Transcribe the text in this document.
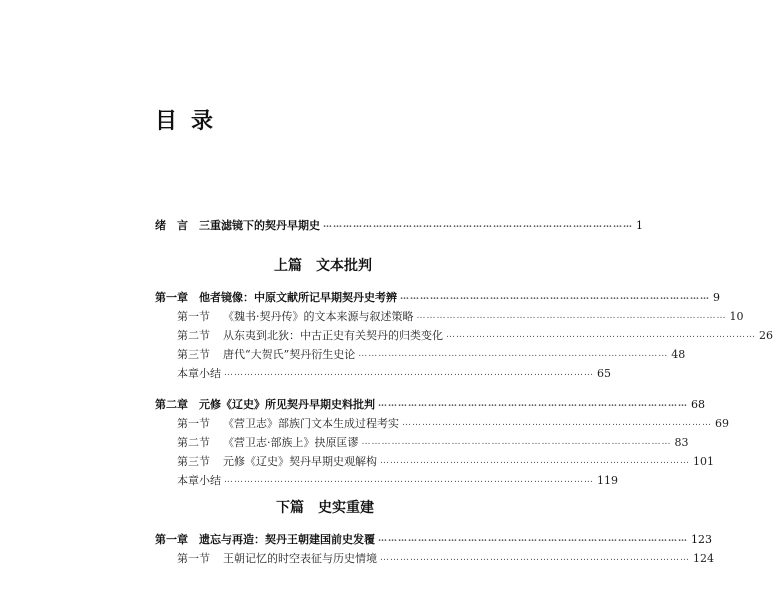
目录
绪　言	三重滤镜下的契丹早期史 ………………………………………………………………………………… 1
上篇 文本批判
第一章	他者镜像：中原文献所记早期契丹史考辨 ………………………………………………………………………………… 9
第一节	《魏书·契丹传》的文本来源与叙述策略 ………………………………………………………………………………… 10
第二节	从东夷到北狄：中古正史有关契丹的归类变化 ………………………………………………………………………………… 26
第三节	唐代“大贺氏”契丹衍生史论 ………………………………………………………………………………… 48
本章小结 ………………………………………………………………………………………………… 65
第二章	元修《辽史》所见契丹早期史料批判 ………………………………………………………………………………… 68
第一节	《营卫志》部族门文本生成过程考实 ………………………………………………………………………………… 69
第二节	《营卫志·部族上》抉原匡谬 ………………………………………………………………………………… 83
第三节	元修《辽史》契丹早期史观解构 ………………………………………………………………………………… 101
本章小结 ………………………………………………………………………………………………… 119
下篇 史实重建
第一章	遗忘与再造：契丹王朝建国前史发覆 ………………………………………………………………………………… 123
第一节	王朝记忆的时空表征与历史情境 ………………………………………………………………………………… 124
